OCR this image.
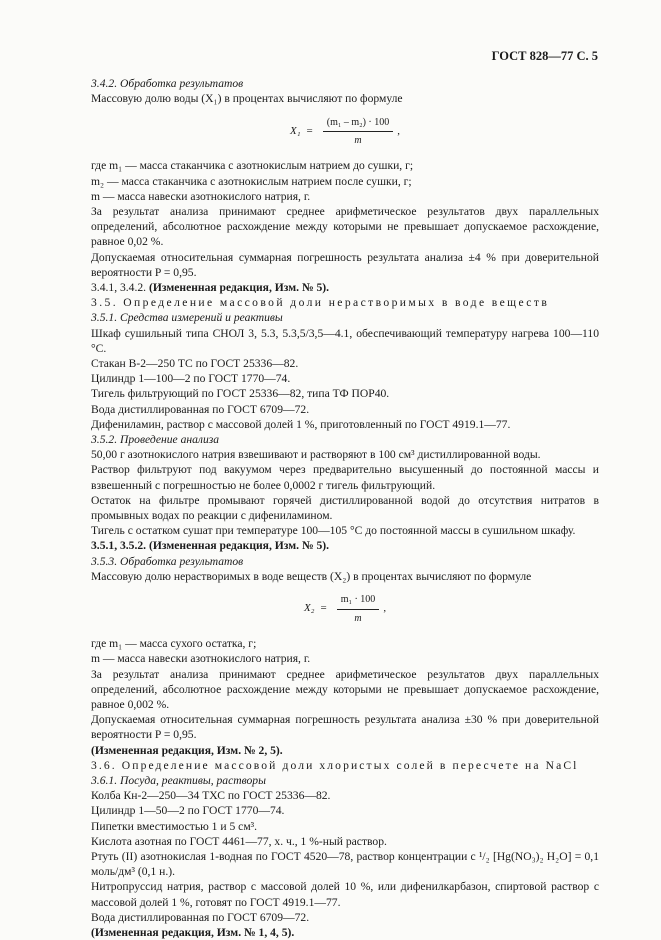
ГОСТ 828—77 С. 5

3.4.2. Обработка результатов

Массовую долю воды (X₁) в процентах вычисляют по формуле

$X_1 = \frac{\text{(m₁ – m₂) · 100}}{m}$ ,
где m₁ — масса стаканчика с азотнокислым натрием до сушки, г;
m₂ — масса стаканчика с азотнокислым натрием после сушки, г;
m — масса навески азотнокислого натрия, г.

За результат анализа принимают среднее арифметическое результатов двух параллельных определений, абсолютное расхождение между которыми не превышает допускаемое расхождение, равное 0,02 %.

Допускаемая относительная суммарная погрешность результата анализа ±4 % при доверительной вероятности P = 0,95.

3.4.1, 3.4.2. (Измененная редакция, Изм. № 5).

3.5. Определение массовой доли нерастворимых в воде веществ

3.5.1. Средства измерений и реактивы

Шкаф сушильный типа СНОЛ 3, 5.3, 5.3,5/3,5—4.1, обеспечивающий температуру нагрева 100—110 °С.

Стакан В-2—250 ТС по ГОСТ 25336—82.

Цилиндр 1—100—2 по ГОСТ 1770—74.

Тигель фильтрующий по ГОСТ 25336—82, типа ТФ ПОР40.

Вода дистиллированная по ГОСТ 6709—72.

Дифениламин, раствор с массовой долей 1 %, приготовленный по ГОСТ 4919.1—77.

3.5.2. Проведение анализа

50,00 г азотнокислого натрия взвешивают и растворяют в 100 см³ дистиллированной воды.

Раствор фильтруют под вакуумом через предварительно высушенный до постоянной массы и взвешенный с погрешностью не более 0,0002 г тигель фильтрующий.

Остаток на фильтре промывают горячей дистиллированной водой до отсутствия нитратов в промывных водах по реакции с дифениламином.

Тигель с остатком сушат при температуре 100—105 °С до постоянной массы в сушильном шкафу.

3.5.1, 3.5.2. (Измененная редакция, Изм. № 5).

3.5.3. Обработка результатов

Массовую долю нерастворимых в воде веществ (X₂) в процентах вычисляют по формуле

$X_2 = \frac{\text{m₁ · 100}}{m}$ ,
где m₁ — масса сухого остатка, г;
m — масса навески азотнокислого натрия, г.

За результат анализа принимают среднее арифметическое результатов двух параллельных определений, абсолютное расхождение между которыми не превышает допускаемое расхождение, равное 0,002 %.

Допускаемая относительная суммарная погрешность результата анализа ±30 % при доверительной вероятности P = 0,95.

(Измененная редакция, Изм. № 2, 5).

3.6. Определение массовой доли хлористых солей в пересчете на NaCl

3.6.1. Посуда, реактивы, растворы

Колба Кн-2—250—34 ТХС по ГОСТ 25336—82.

Цилиндр 1—50—2 по ГОСТ 1770—74.

Пипетки вместимостью 1 и 5 см³.

Кислота азотная по ГОСТ 4461—77, х. ч., 1 %-ный раствор.

Ртуть (II) азотнокислая 1-водная по ГОСТ 4520—78, раствор концентрации c ¹/₂ [Hg(NO₃)₂ H₂O] = 0,1 моль/дм³ (0,1 н.).

Нитропруссид натрия, раствор с массовой долей 10 %, или дифенилкарбазон, спиртовой раствор с массовой долей 1 %, готовят по ГОСТ 4919.1—77.

Вода дистиллированная по ГОСТ 6709—72.

(Измененная редакция, Изм. № 1, 4, 5).
